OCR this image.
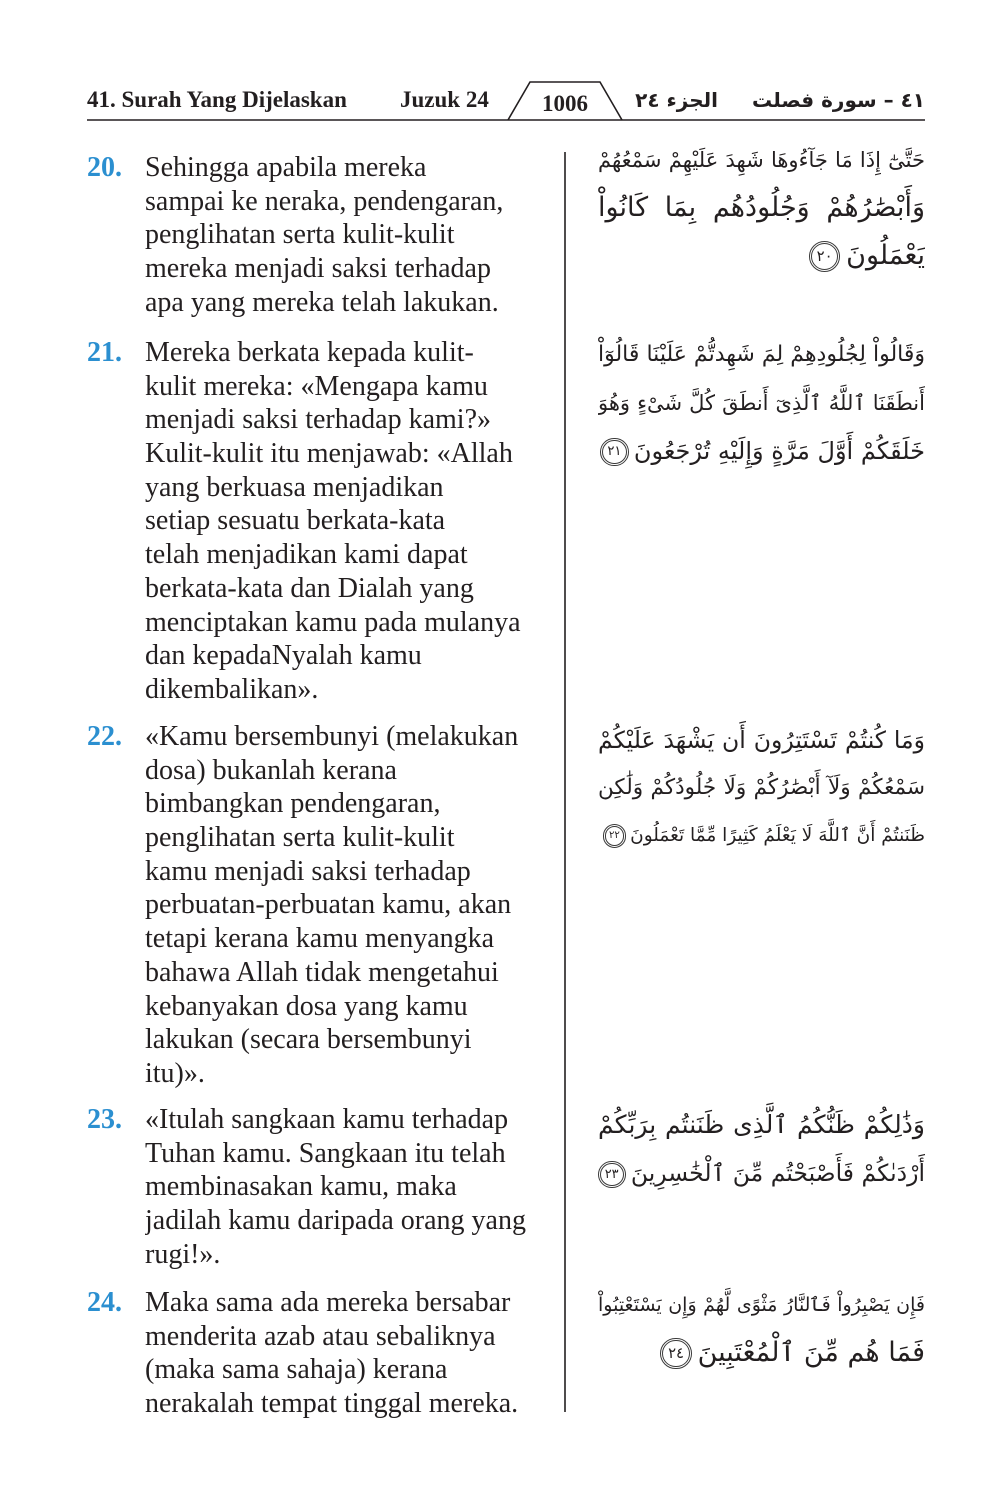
41. Surah Yang Dijelaskan Juzuk 24	1006	الجزء ٢٤	٤١ – سورة فصلت
20. Sehingga apabila mereka
sampai ke neraka, pendengaran,
penglihatan serta kulit-kulit
mereka menjadi saksi terhadap
apa yang mereka telah lakukan.
حَتَّىٰٓ إِذَا مَا جَآءُوهَا شَهِدَ عَلَيْهِمْ سَمْعُهُمْ
وَأَبْصَٰرُهُمْ وَجُلُودُهُم بِمَا كَانُواْ
يَعْمَلُونَ٢٠
21. Mereka berkata kepada kulit-
kulit mereka: «Mengapa kamu
menjadi saksi terhadap kami?»
Kulit-kulit itu menjawab: «Allah
yang berkuasa menjadikan
setiap sesuatu berkata-kata
telah menjadikan kami dapat
berkata-kata dan Dialah yang
menciptakan kamu pada mulanya
dan kepadaNyalah kamu
dikembalikan».
وَقَالُواْ لِجُلُودِهِمْ لِمَ شَهِدتُّمْ عَلَيْنَا قَالُوٓاْ
أَنطَقَنَا ٱللَّهُ ٱلَّذِىٓ أَنطَقَ كُلَّ شَىْءٍ وَهُوَ
خَلَقَكُمْ أَوَّلَ مَرَّةٍ وَإِلَيْهِ تُرْجَعُونَ٢١
22. «Kamu bersembunyi (melakukan
dosa) bukanlah kerana
bimbangkan pendengaran,
penglihatan serta kulit-kulit
kamu menjadi saksi terhadap
perbuatan-perbuatan kamu, akan
tetapi kerana kamu menyangka
bahawa Allah tidak mengetahui
kebanyakan dosa yang kamu
lakukan (secara bersembunyi
itu)».
وَمَا كُنتُمْ تَسْتَتِرُونَ أَن يَشْهَدَ عَلَيْكُمْ
سَمْعُكُمْ وَلَآ أَبْصَٰرُكُمْ وَلَا جُلُودُكُمْ وَلَٰكِن
ظَنَنتُمْ أَنَّ ٱللَّهَ لَا يَعْلَمُ كَثِيرًا مِّمَّا تَعْمَلُونَ٢٢
23. «Itulah sangkaan kamu terhadap
Tuhan kamu. Sangkaan itu telah
membinasakan kamu, maka
jadilah kamu daripada orang yang
rugi!».
وَذَٰلِكُمْ ظَنُّكُمُ ٱلَّذِى ظَنَنتُم بِرَبِّكُمْ
أَرْدَىٰكُمْ فَأَصْبَحْتُم مِّنَ ٱلْخَٰسِرِينَ٢٣
24. Maka sama ada mereka bersabar
menderita azab atau sebaliknya
(maka sama sahaja) kerana
nerakalah tempat tinggal mereka.
فَإِن يَصْبِرُواْ فَٱلنَّارُ مَثْوًى لَّهُمْ وَإِن يَسْتَعْتِبُواْ
فَمَا هُم مِّنَ ٱلْمُعْتَبِينَ٢٤
